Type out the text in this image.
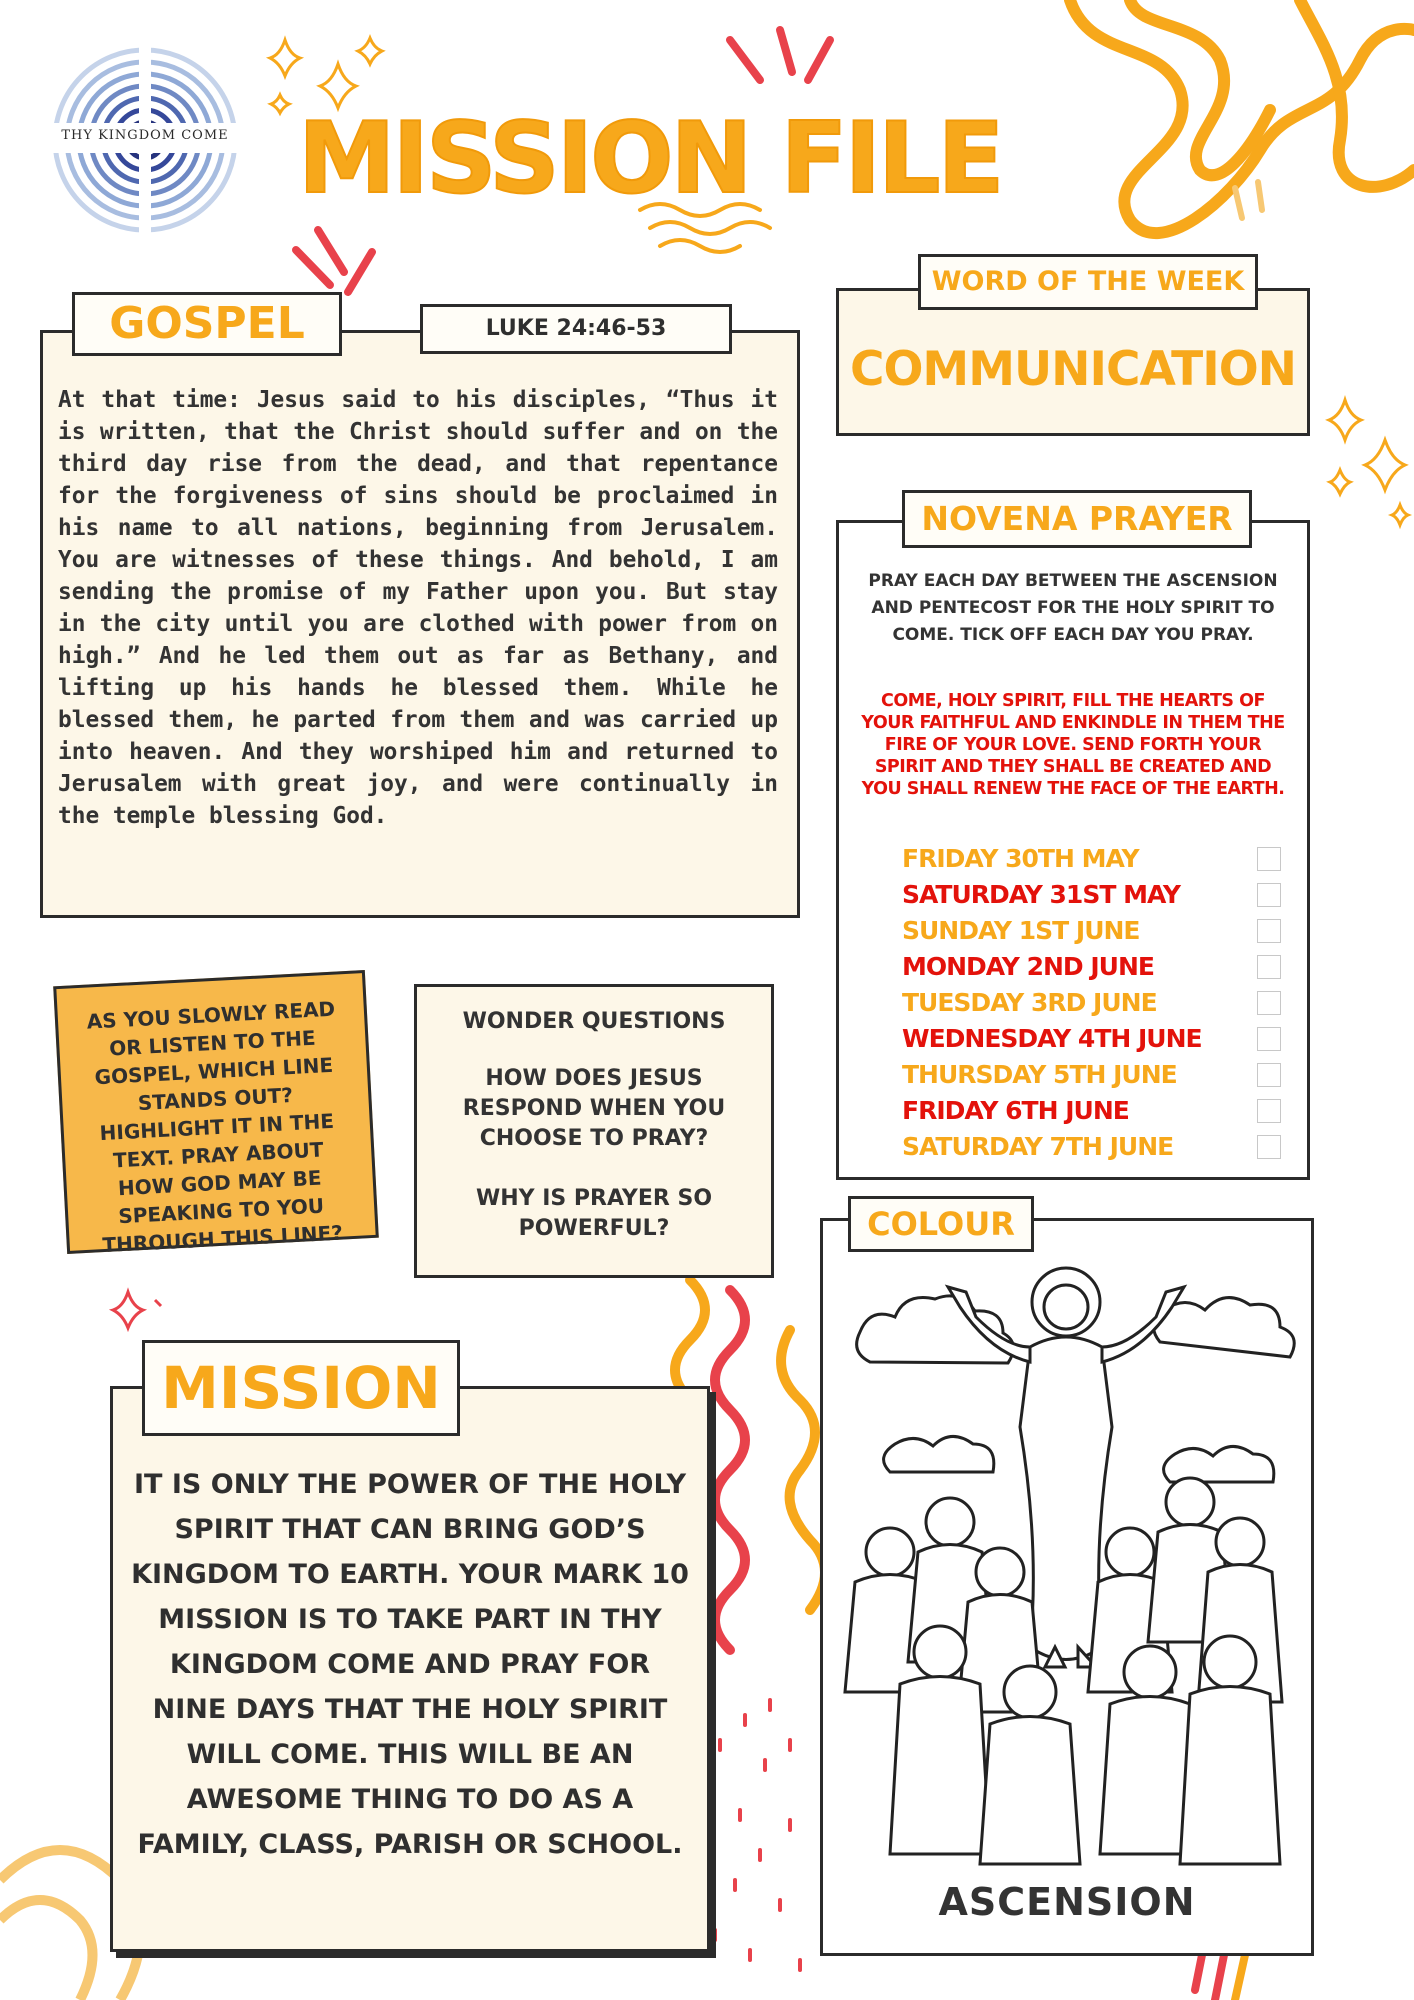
THY KINGDOM COME MISSION FILE
GOSPEL	LUKE 24:46-53
At that time: Jesus said to his disciples, “Thus it is written, that the Christ should suffer and on the third day rise from the dead, and that repentance for the forgiveness of sins should be proclaimed in his name to all nations, beginning from Jerusalem. You are witnesses of these things. And behold, I am sending the promise of my Father upon you. But stay in the city until you are clothed with power from on high.” And he led them out as far as Bethany, and lifting up his hands he blessed them. While he blessed them, he parted from them and was carried up into heaven. And they worshiped him and returned to Jerusalem with great joy, and were continually in the temple blessing God.
WORD OF THE WEEK
COMMUNICATION
NOVENA PRAYER
PRAY EACH DAY BETWEEN THE ASCENSION AND PENTECOST FOR THE HOLY SPIRIT TO COME. TICK OFF EACH DAY YOU PRAY.
COME, HOLY SPIRIT, FILL THE HEARTS OF YOUR FAITHFUL AND ENKINDLE IN THEM THE FIRE OF YOUR LOVE. SEND FORTH YOUR SPIRIT AND THEY SHALL BE CREATED AND YOU SHALL RENEW THE FACE OF THE EARTH.
FRIDAY 30TH MAY
SATURDAY 31ST MAY
SUNDAY 1ST JUNE
MONDAY 2ND JUNE
TUESDAY 3RD JUNE
WEDNESDAY 4TH JUNE
THURSDAY 5TH JUNE
FRIDAY 6TH JUNE
SATURDAY 7TH JUNE
AS YOU SLOWLY READ OR LISTEN TO THE GOSPEL, WHICH LINE STANDS OUT? HIGHLIGHT IT IN THE TEXT. PRAY ABOUT HOW GOD MAY BE SPEAKING TO YOU THROUGH THIS LINE?
WONDER QUESTIONS
HOW DOES JESUS RESPOND WHEN YOU CHOOSE TO PRAY?
WHY IS PRAYER SO POWERFUL?
MISSION
IT IS ONLY THE POWER OF THE HOLY SPIRIT THAT CAN BRING GOD’S KINGDOM TO EARTH. YOUR MARK 10 MISSION IS TO TAKE PART IN THY KINGDOM COME AND PRAY FOR NINE DAYS THAT THE HOLY SPIRIT WILL COME. THIS WILL BE AN AWESOME THING TO DO AS A FAMILY, CLASS, PARISH OR SCHOOL.
COLOUR
ASCENSION
